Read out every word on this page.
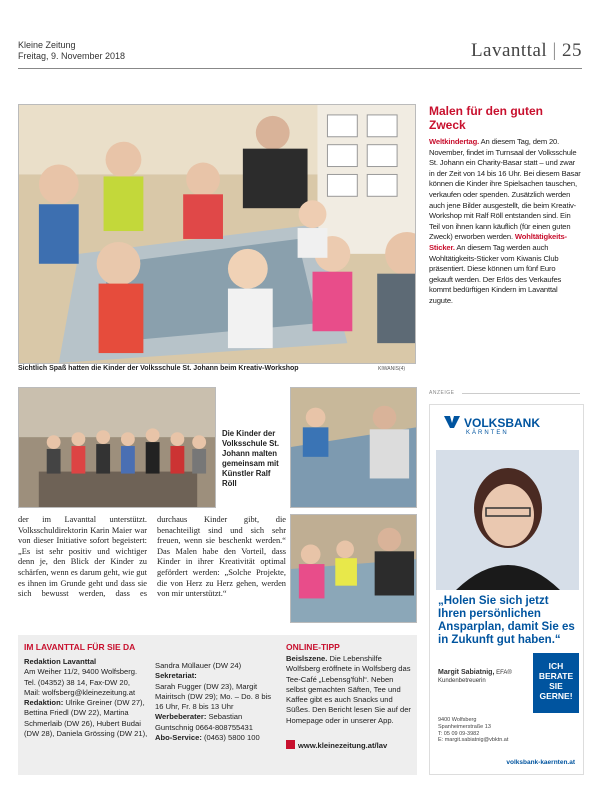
Kleine Zeitung
Freitag, 9. November 2018	Lavanttal | 25
KIWANIS(4)
Sichtlich Spaß hatten die Kinder der Volksschule St. Johann beim Kreativ-Workshop
Malen für den guten Zweck
Weltkindertag. An diesem Tag, dem 20. November, findet im Turnsaal der Volksschule St. Johann ein Charity-Basar statt – und zwar in der Zeit von 14 bis 16 Uhr. Bei diesem Basar können die Kinder ihre Spielsachen tauschen, verkaufen oder spenden. Zusätzlich werden auch jene Bilder ausgestellt, die beim Kreativ-Workshop mit Ralf Röll entstanden sind. Ein Teil von ihnen kann käuflich (für einen guten Zweck) erworben werden. Wohltätigkeits-Sticker. An diesem Tag werden auch Wohltätigkeits-Sticker vom Kiwanis Club präsentiert. Diese können um fünf Euro gekauft werden. Der Erlös des Verkaufes kommt bedürftigen Kindern im Lavanttal zugute.
Die Kinder der Volksschule St. Johann malten gemeinsam mit Künstler Ralf Röll
der im Lavanttal unterstützt. Volksschuldirektorin Karin Maier war von dieser Initiative sofort begeistert: „Es ist sehr positiv und wichtiger denn je, den Blick der Kinder zu schärfen, wenn es darum geht, wie gut es ihnen im Grunde geht und dass sie sich bewusst werden, dass es durchaus Kinder gibt, die benachteiligt sind und sich sehr freuen, wenn sie beschenkt werden.“ Das Malen habe den Vorteil, dass Kinder in ihrer Kreativität optimal gefördert werden: „Solche Projekte, die von Herz zu Herz gehen, werden von mir unterstützt.“
ANZEIGE
VOLKSBANK
KÄRNTEN
„Holen Sie sich jetzt Ihren persönlichen Ansparplan, damit Sie es in Zukunft gut haben.“
ICH
BERATE
SIE
GERNE!
Margit Sabiatnig, EFA®
Kundenbetreuerin
9400 Wolfsberg
Spanheimerstraße 13
T: 05 09 09-3982
E: margit.sabiatnig@vbktn.at
volksbank-kaernten.at
IM LAVANTTAL FÜR SIE DA
Redaktion Lavanttal
Am Weiher 11/2, 9400 Wolfsberg.
Tel. (04352) 38 14, Fax-DW 20,
Mail: wolfsberg@kleinezeitung.at
Redaktion: Ulrike Greiner (DW 27), Bettina Friedl (DW 22), Martina Schmerlaib (DW 26), Hubert Budai (DW 28), Daniela Grössing (DW 21),
Sandra Müllauer (DW 24)
Sekretariat:
Sarah Fugger (DW 23), Margit Mairitsch (DW 29); Mo. – Do. 8 bis 16 Uhr, Fr. 8 bis 13 Uhr
Werbeberater: Sebastian Guntschnig 0664-808755431
Abo-Service: (0463) 5800 100
ONLINE-TIPP
Beislszene. Die Lebenshilfe Wolfsberg eröffnete in Wolfsberg das Tee-Café „Lebensg'fühl“. Neben selbst gemachten Säften, Tee und Kaffee gibt es auch Snacks und Süßes. Den Bericht lesen Sie auf der Homepage oder in unserer App.
www.kleinezeitung.at/lav
